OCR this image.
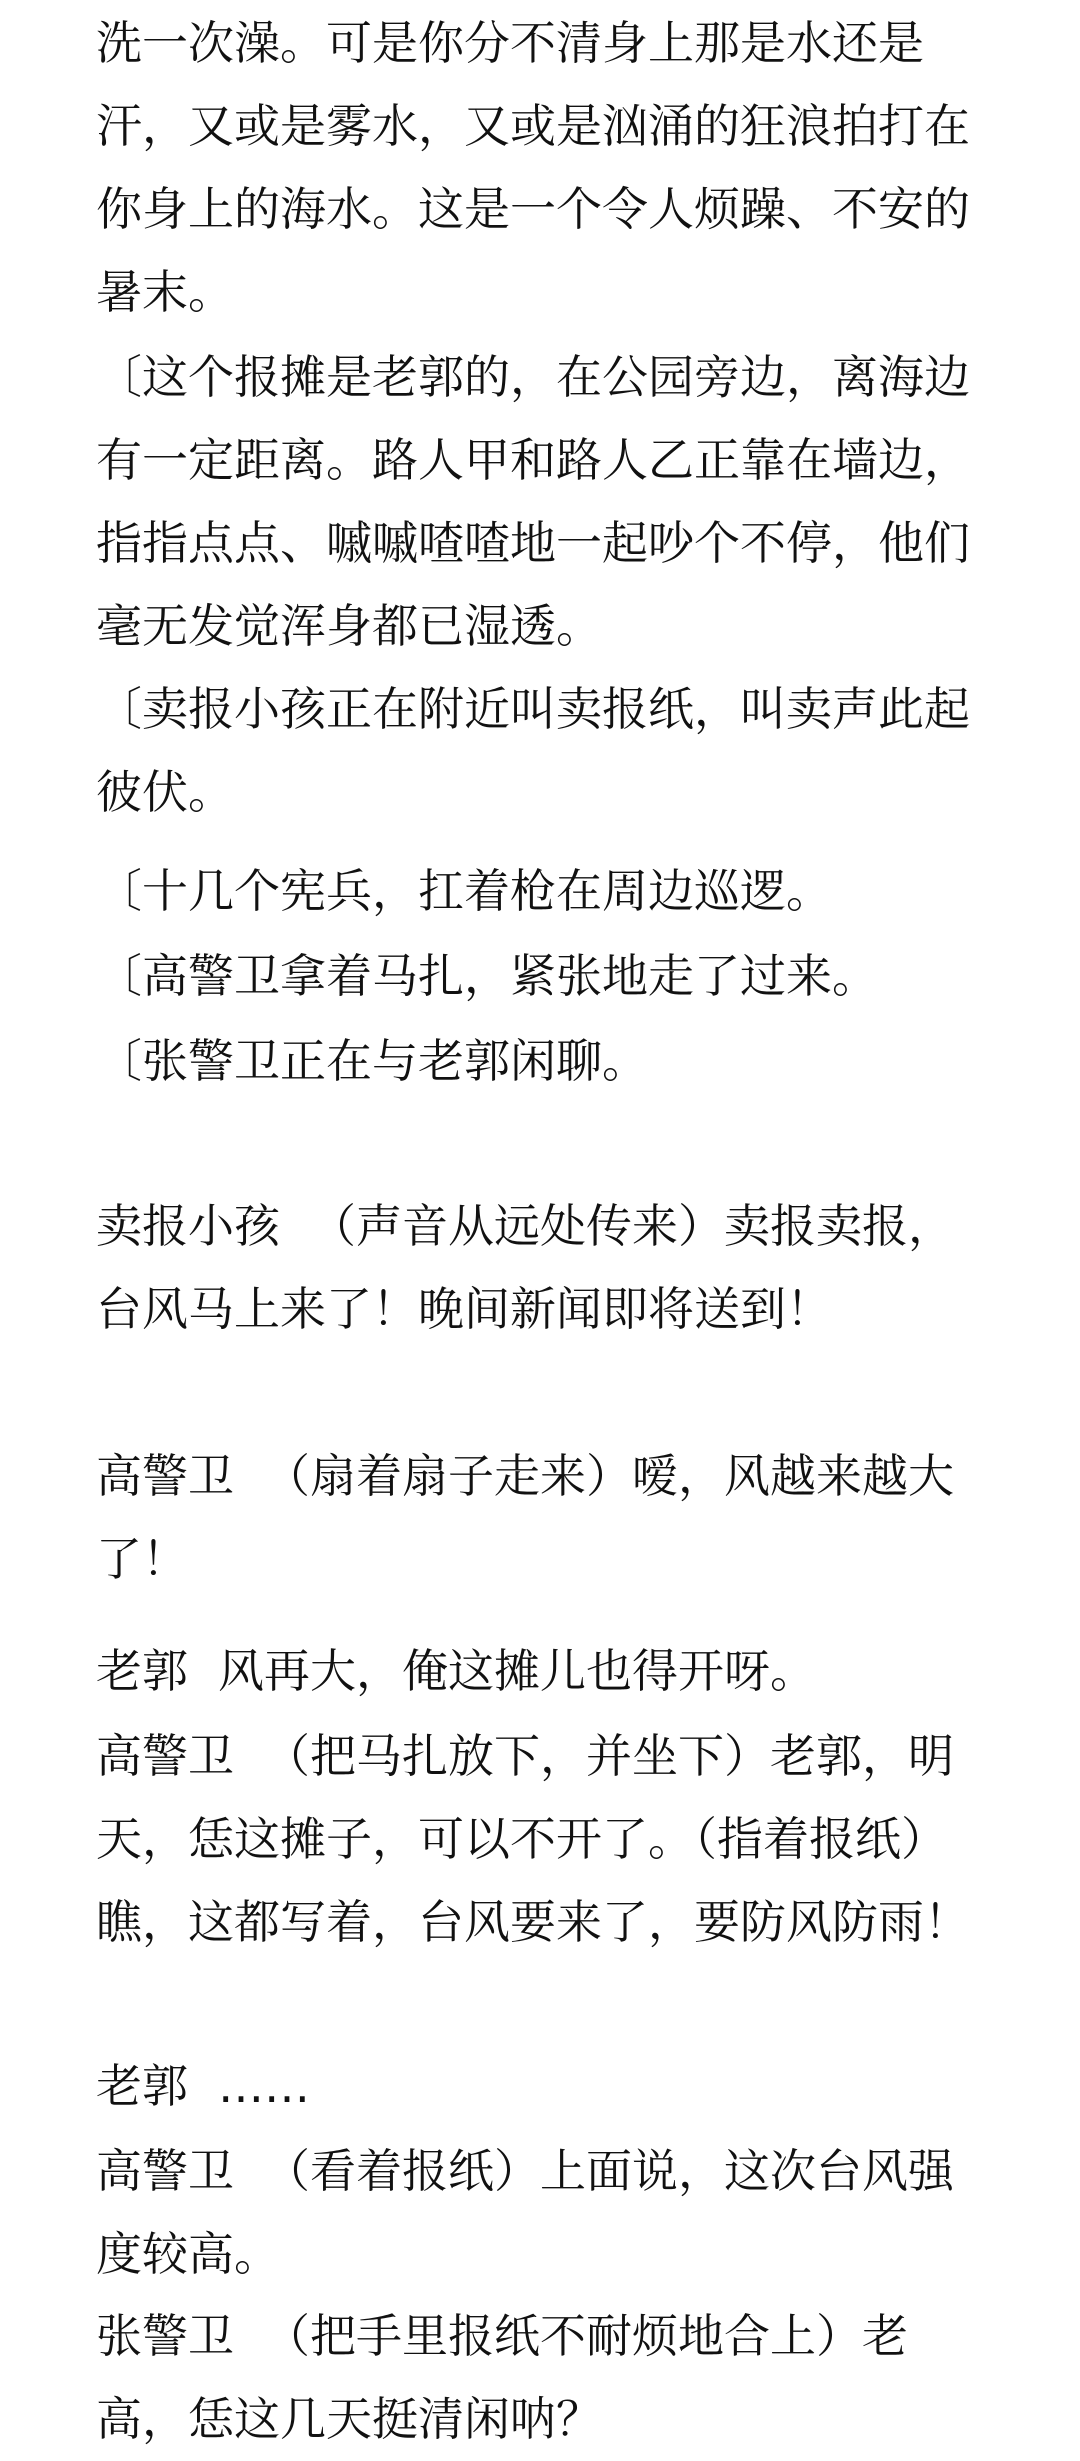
洗一次澡。可是你分不清身上那是水还是汗，又或是雾水，又或是汹涌的狂浪拍打在你身上的海水。这是一个令人烦躁、不安的暑末。

〔这个报摊是老郭的，在公园旁边，离海边有一定距离。路人甲和路人乙正靠在墙边，指指点点、嘁嘁喳喳地一起吵个不停，他们毫无发觉浑身都已湿透。

〔卖报小孩正在附近叫卖报纸，叫卖声此起彼伏。

〔十几个宪兵，扛着枪在周边巡逻。

〔高警卫拿着马扎，紧张地走了过来。

〔张警卫正在与老郭闲聊。

卖报小孩 （声音从远处传来）卖报卖报，台风马上来了！晚间新闻即将送到！

高警卫 （扇着扇子走来）嗳，风越来越大了！

老郭 风再大，俺这摊儿也得开呀。

高警卫 （把马扎放下，并坐下）老郭，明天，恁这摊子，可以不开了。（指着报纸）瞧，这都写着，台风要来了，要防风防雨！

老郭 ……

高警卫 （看着报纸）上面说，这次台风强度较高。

张警卫 （把手里报纸不耐烦地合上）老高，恁这几天挺清闲呐？
